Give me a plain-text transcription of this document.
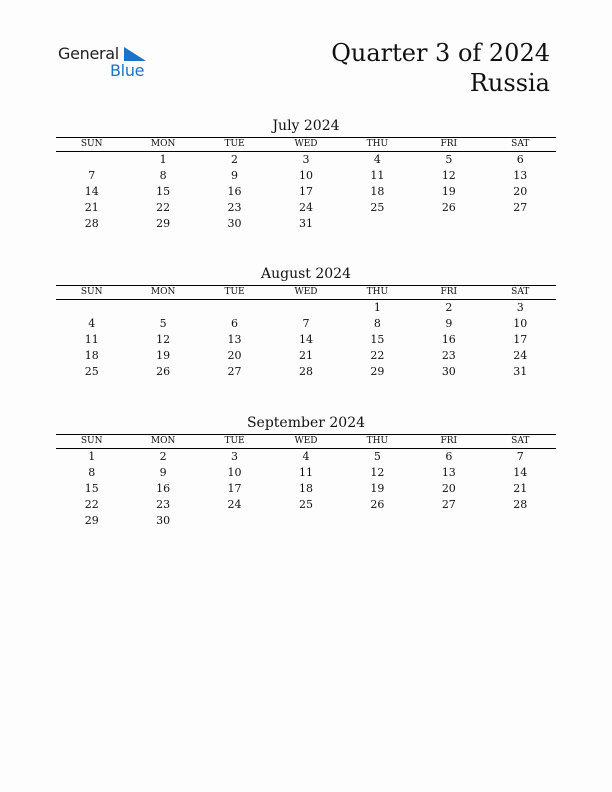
General
Blue
Quarter 3 of 2024
Russia
July 2024
SUN	MON	TUE	WED	THU	FRI	SAT
	1	2	3	4	5	6
7	8	9	10	11	12	13
14	15	16	17	18	19	20
21	22	23	24	25	26	27
28	29	30	31			
August 2024
SUN	MON	TUE	WED	THU	FRI	SAT
				1	2	3
4	5	6	7	8	9	10
11	12	13	14	15	16	17
18	19	20	21	22	23	24
25	26	27	28	29	30	31
September 2024
SUN	MON	TUE	WED	THU	FRI	SAT
1	2	3	4	5	6	7
8	9	10	11	12	13	14
15	16	17	18	19	20	21
22	23	24	25	26	27	28
29	30					
